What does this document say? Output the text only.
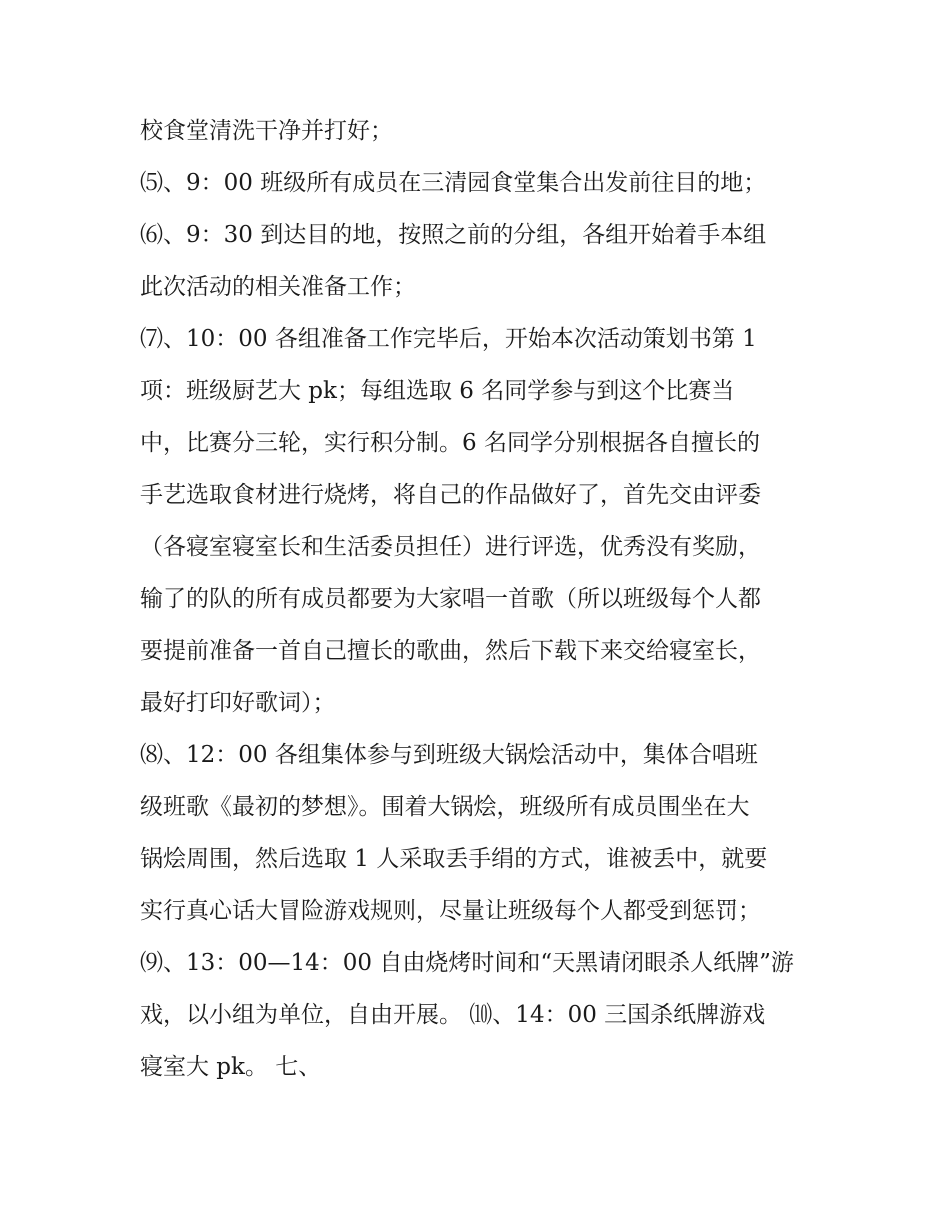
校食堂清洗干净并打好；
⑸、9：00 班级所有成员在三清园食堂集合出发前往目的地；
⑹、9：30 到达目的地，按照之前的分组，各组开始着手本组
此次活动的相关准备工作；
⑺、10：00 各组准备工作完毕后，开始本次活动策划书第 1
项：班级厨艺大 pk；每组选取 6 名同学参与到这个比赛当
中，比赛分三轮，实行积分制。6 名同学分别根据各自擅长的
手艺选取食材进行烧烤，将自己的作品做好了，首先交由评委
（各寝室寝室长和生活委员担任）进行评选，优秀没有奖励，
输了的队的所有成员都要为大家唱一首歌（所以班级每个人都
要提前准备一首自己擅长的歌曲，然后下载下来交给寝室长，
最好打印好歌词）；
⑻、12：00 各组集体参与到班级大锅烩活动中，集体合唱班
级班歌《最初的梦想》。围着大锅烩，班级所有成员围坐在大
锅烩周围，然后选取 1 人采取丢手绢的方式，谁被丢中，就要
实行真心话大冒险游戏规则，尽量让班级每个人都受到惩罚；
⑼、13：00—14：00 自由烧烤时间和“天黑请闭眼杀人纸牌”游
戏，以小组为单位，自由开展。 ⑽、14：00 三国杀纸牌游戏
寝室大 pk。 七、
